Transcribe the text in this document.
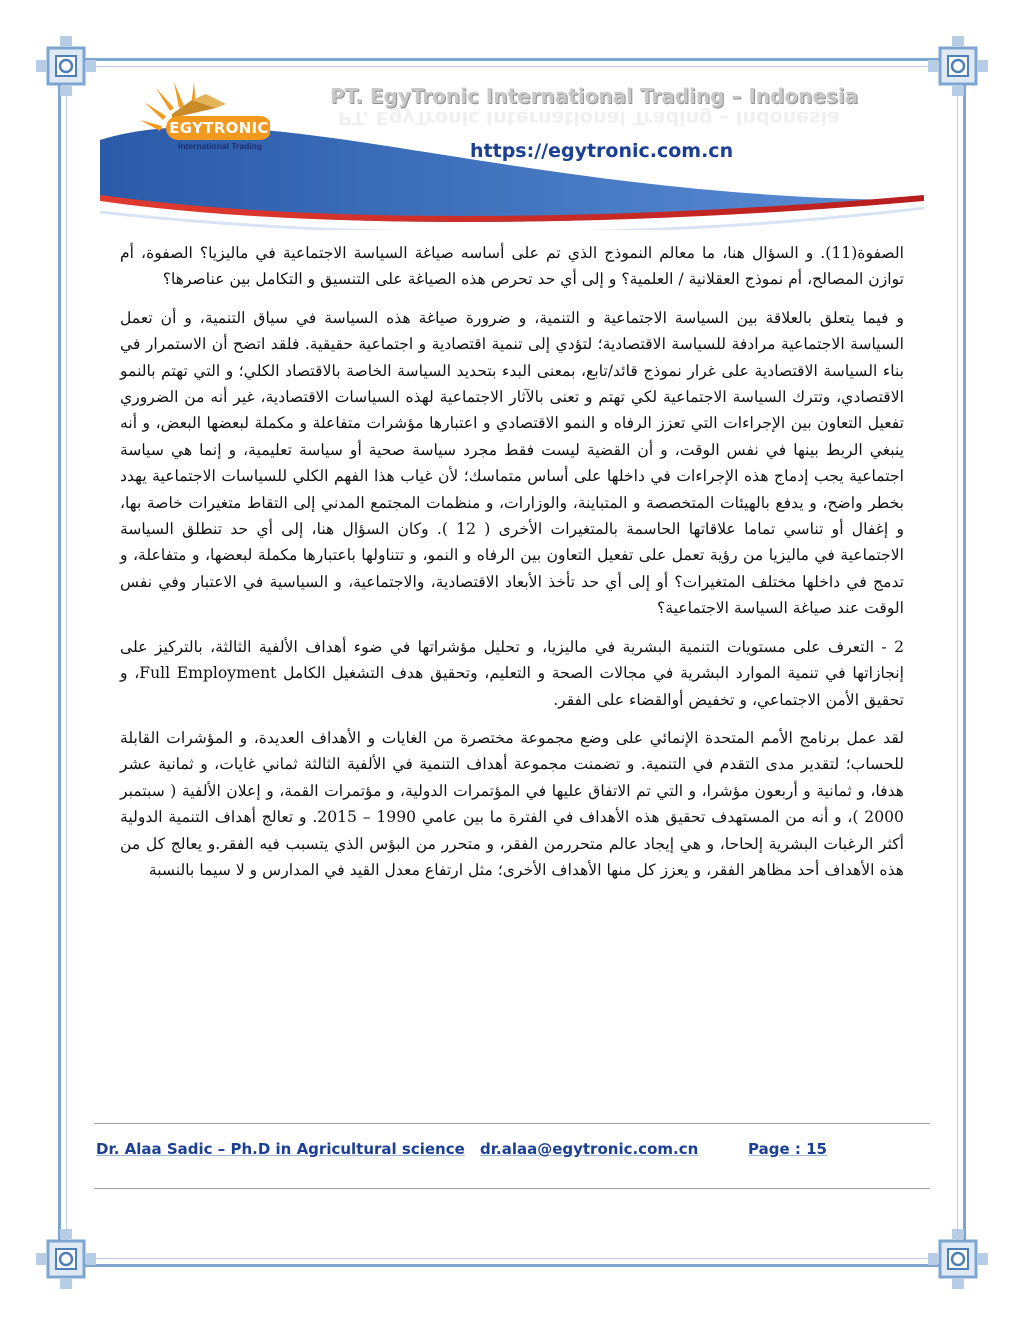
EGYTRONIC
International Trading
PT. EgyTronic International Trading – Indonesia
PT. EgyTronic International Trading – Indonesia
https://egytronic.com.cn

الصفوة(11). و السؤال هنا، ما معالم النموذج الذي تم على أساسه صياغة السياسة الاجتماعية في ماليزيا؟ الصفوة، أم توازن المصالح، أم نموذج العقلانية / العلمية؟ و إلى أي حد تحرص هذه الصياغة على التنسيق و التكامل بين عناصرها؟

و فيما يتعلق بالعلاقة بين السياسة الاجتماعية و التنمية، و ضرورة صياغة هذه السياسة في سياق التنمية، و أن تعمل السياسة الاجتماعية مرادفة للسياسة الاقتصادية؛ لتؤدي إلى تنمية اقتصادية و اجتماعية حقيقية. فلقد اتضح أن الاستمرار في بناء السياسة الاقتصادية على غرار نموذج قائد/تابع، بمعنى البدء بتحديد السياسة الخاصة بالاقتصاد الكلي؛ و التي تهتم بالنمو الاقتصادي، وتترك السياسة الاجتماعية لكي تهتم و تعنى بالآثار الاجتماعية لهذه السياسات الاقتصادية، غير أنه من الضروري تفعيل التعاون بين الإجراءات التي تعزز الرفاه و النمو الاقتصادي و اعتبارها مؤشرات متفاعلة و مكملة لبعضها البعض، و أنه ينبغي الربط بينها في نفس الوقت، و أن القضية ليست فقط مجرد سياسة صحية أو سياسة تعليمية، و إنما هي سياسة اجتماعية يجب إدماج هذه الإجراءات في داخلها على أساس متماسك؛ لأن غياب هذا الفهم الكلي للسياسات الاجتماعية يهدد بخطر واضح، و يدفع بالهيئات المتخصصة و المتباينة، والوزارات، و منظمات المجتمع المدني إلى التقاط متغيرات خاصة بها، و إغفال أو تناسي تماما علاقاتها الحاسمة بالمتغيرات الأخرى ( 12 ). وكان السؤال هنا، إلى أي حد تنطلق السياسة الاجتماعية في ماليزيا من رؤية تعمل على تفعيل التعاون بين الرفاه و النمو، و تتناولها باعتبارها مكملة لبعضها، و متفاعلة، و تدمج في داخلها مختلف المتغيرات؟ أو إلى أي حد تأخذ الأبعاد الاقتصادية، والاجتماعية، و السياسية في الاعتبار وفي نفس الوقت عند صياغة السياسة الاجتماعية؟

2 - التعرف على مستويات التنمية البشرية في ماليزيا، و تحليل مؤشراتها في ضوء أهداف الألفية الثالثة، بالتركيز على إنجازاتها في تنمية الموارد البشرية في مجالات الصحة و التعليم، وتحقيق هدف التشغيل الكامل Full Employment، و تحقيق الأمن الاجتماعي، و تخفيض أوالقضاء على الفقر.

لقد عمل برنامج الأمم المتحدة الإنمائي على وضع مجموعة مختصرة من الغايات و الأهداف العديدة، و المؤشرات القابلة للحساب؛ لتقدير مدى التقدم في التنمية. و تضمنت مجموعة أهداف التنمية في الألفية الثالثة ثماني غايات، و ثمانية عشر هدفا، و ثمانية و أربعون مؤشرا، و التي تم الاتفاق عليها في المؤتمرات الدولية، و مؤتمرات القمة، و إعلان الألفية ( سبتمبر 2000 )، و أنه من المستهدف تحقيق هذه الأهداف في الفترة ما بين عامي 1990 – 2015. و تعالج أهداف التنمية الدولية أكثر الرغبات البشرية إلحاحا، و هي إيجاد عالم متحررمن الفقر، و متحرر من البؤس الذي يتسبب فيه الفقر.و يعالج كل من هذه الأهداف أحد مظاهر الفقر، و يعزز كل منها الأهداف الأخرى؛ مثل ارتفاع معدل القيد في المدارس و لا سيما بالنسبة

Dr. Alaa Sadic – Ph.D in Agricultural science dr.alaa@egytronic.com.cn	Page : 15
